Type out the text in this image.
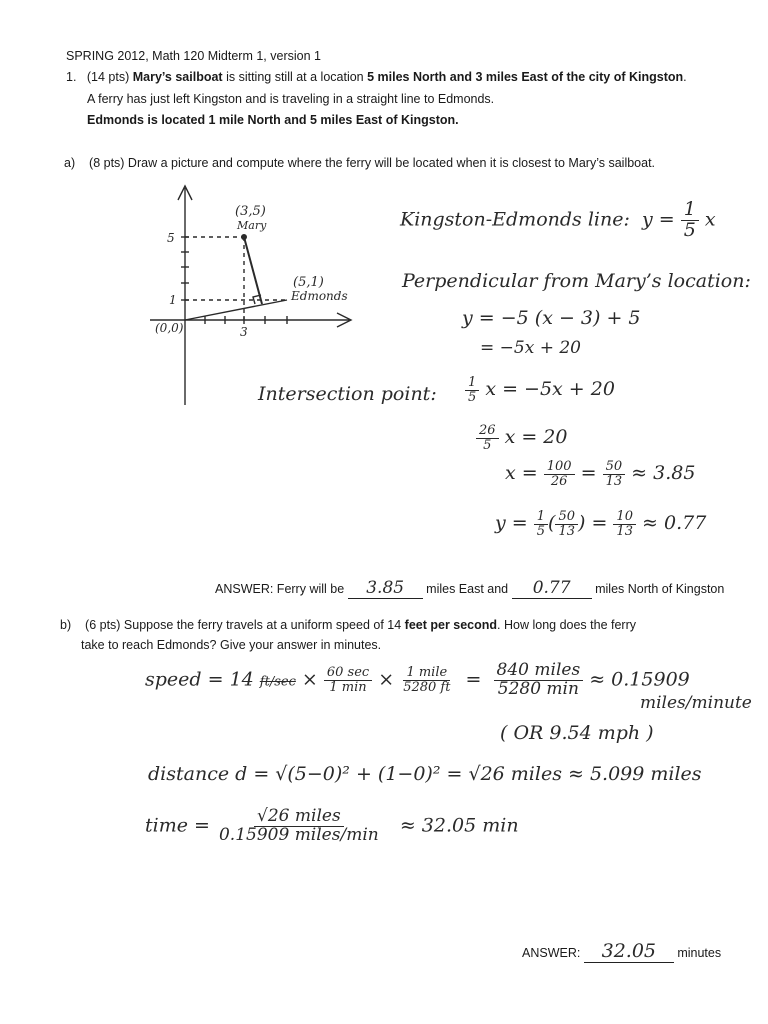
SPRING 2012, Math 120 Midterm 1, version 1
1. (14 pts) Mary’s sailboat is sitting still at a location 5 miles North and 3 miles East of the city of Kingston.
A ferry has just left Kingston and is traveling in a straight line to Edmonds.
Edmonds is located 1 mile North and 5 miles East of Kingston.
a) (8 pts) Draw a picture and compute where the ferry will be located when it is closest to Mary’s sailboat.
(3,5)
Mary
(5,1)
Edmonds
(0,0)
5
1
3
Kingston-Edmonds line: $y = \frac{1}{5}$ x
Perpendicular from Mary’s location:
y = −5 (x − 3) + 5
= −5x + 20
Intersection point: $\frac{1}{5}$ x = −5x + 20
$\frac{26}{5}$ x = 20
$x = \frac{100}{26} = \frac{50}{13} \approx 3.85$
$y = \frac{1}{5}$ ( $\frac{50}{13}$ ) = $\frac{10}{13} \approx 0.77$
ANSWER: Ferry will be 3.85 miles East and 0.77 miles North of Kingston
b) (6 pts) Suppose the ferry travels at a uniform speed of 14 feet per second. How long does the ferry
take to reach Edmonds? Give your answer in minutes.
speed = 14 $ft/\sec \times \frac{60 \sec}{1 \min} \times \frac{\text{1 mile}}{5280 ft} = \frac{\text{840 miles}}{5280 \min} \approx 0.15909$
miles/minute
( OR 9.54 mph )
distance d = √(5−0)² + (1−0)² = √26 miles ≈ 5.099 miles
time = $\frac{\text{√26 miles}}{\text{0.15909 miles/min}} \approx 32.05$ min
ANSWER: 32.05 minutes
